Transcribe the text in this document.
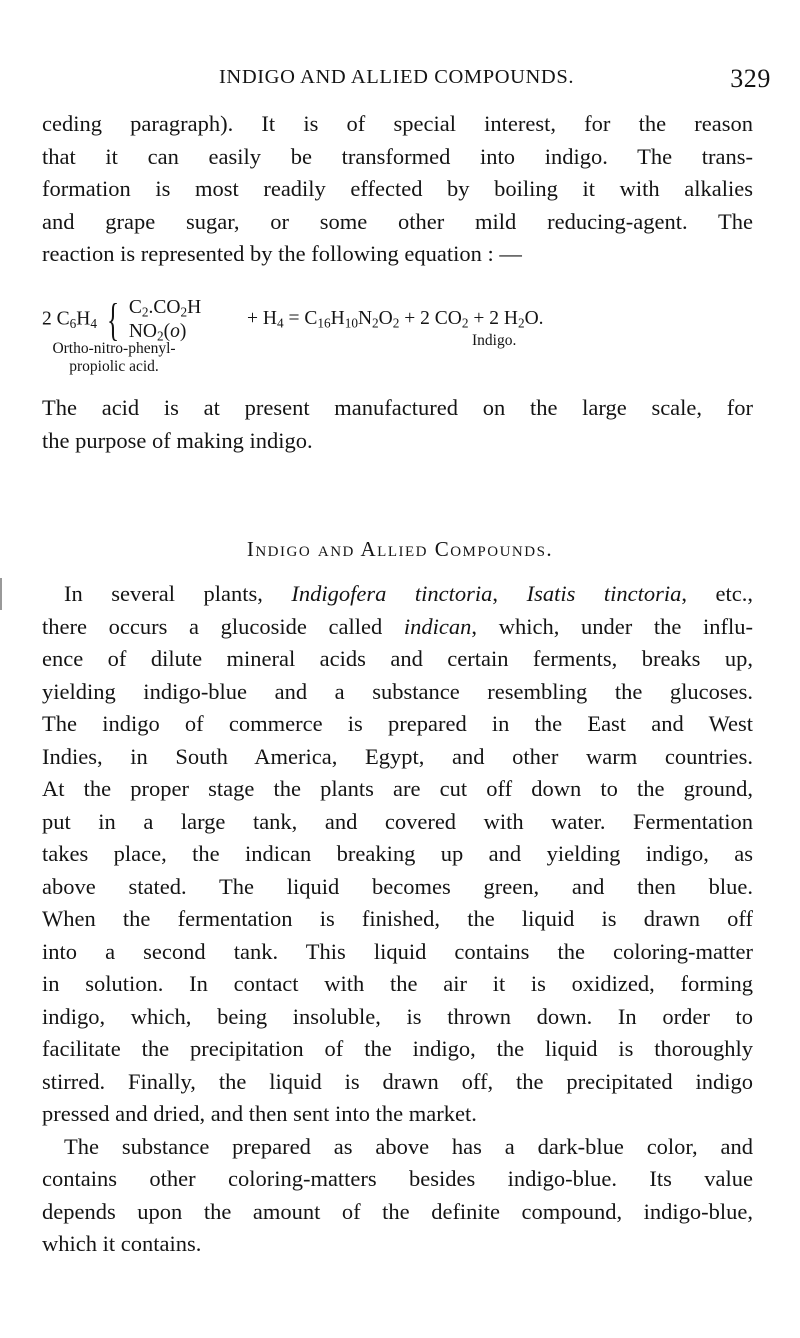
INDIGO AND ALLIED COMPOUNDS.	329
ceding paragraph). It is of special interest, for the reason
that it can easily be transformed into indigo. The trans-
formation is most readily effected by boiling it with alkalies
and grape sugar, or some other mild reducing-agent. The
reaction is represented by the following equation : —
2 $C_6H_4$ { $C_2.CO_2H$
$NO_2(o)$
+ $H_4 = C_{16}H_{10}N_2O_2 + 2$ $CO_2 + 2$ $H_2O$.
Ortho-nitro-phenyl-
propiolic acid.
Indigo.
The acid is at present manufactured on the large scale, for
the purpose of making indigo.
Indigo and Allied Compounds.
In several plants, Indigofera tinctoria, Isatis tinctoria, etc.,
there occurs a glucoside called indican, which, under the influ-
ence of dilute mineral acids and certain ferments, breaks up,
yielding indigo-blue and a substance resembling the glucoses.
The indigo of commerce is prepared in the East and West
Indies, in South America, Egypt, and other warm countries.
At the proper stage the plants are cut off down to the ground,
put in a large tank, and covered with water. Fermentation
takes place, the indican breaking up and yielding indigo, as
above stated. The liquid becomes green, and then blue.
When the fermentation is finished, the liquid is drawn off
into a second tank. This liquid contains the coloring-matter
in solution. In contact with the air it is oxidized, forming
indigo, which, being insoluble, is thrown down. In order to
facilitate the precipitation of the indigo, the liquid is thoroughly
stirred. Finally, the liquid is drawn off, the precipitated indigo
pressed and dried, and then sent into the market.
The substance prepared as above has a dark-blue color, and
contains other coloring-matters besides indigo-blue. Its value
depends upon the amount of the definite compound, indigo-blue,
which it contains.
